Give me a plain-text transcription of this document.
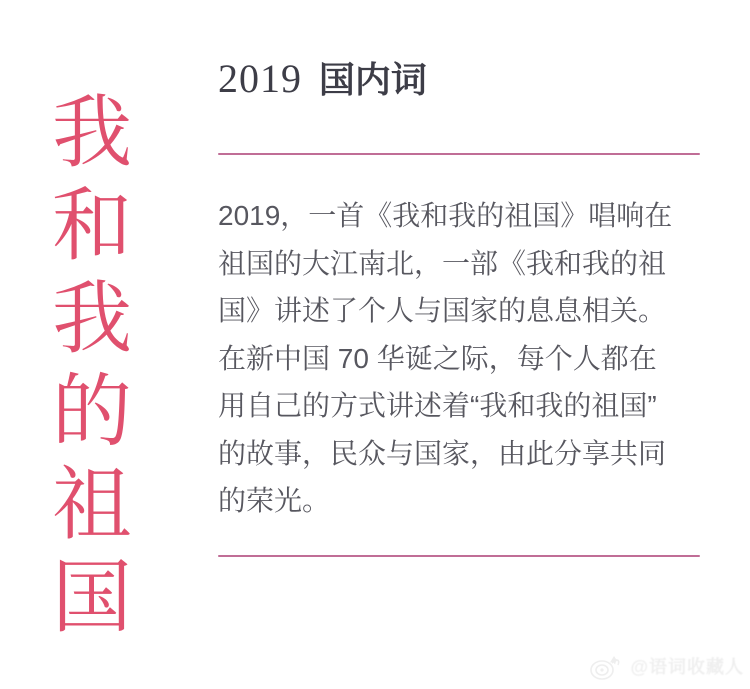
我和我的祖国
2019 国内词
2019，一首《我和我的祖国》唱响在
祖国的大江南北，一部《我和我的祖
国》讲述了个人与国家的息息相关。
在新中国 70 华诞之际，每个人都在
用自己的方式讲述着“我和我的祖国”
的故事，民众与国家，由此分享共同
的荣光。
@语词收藏人
